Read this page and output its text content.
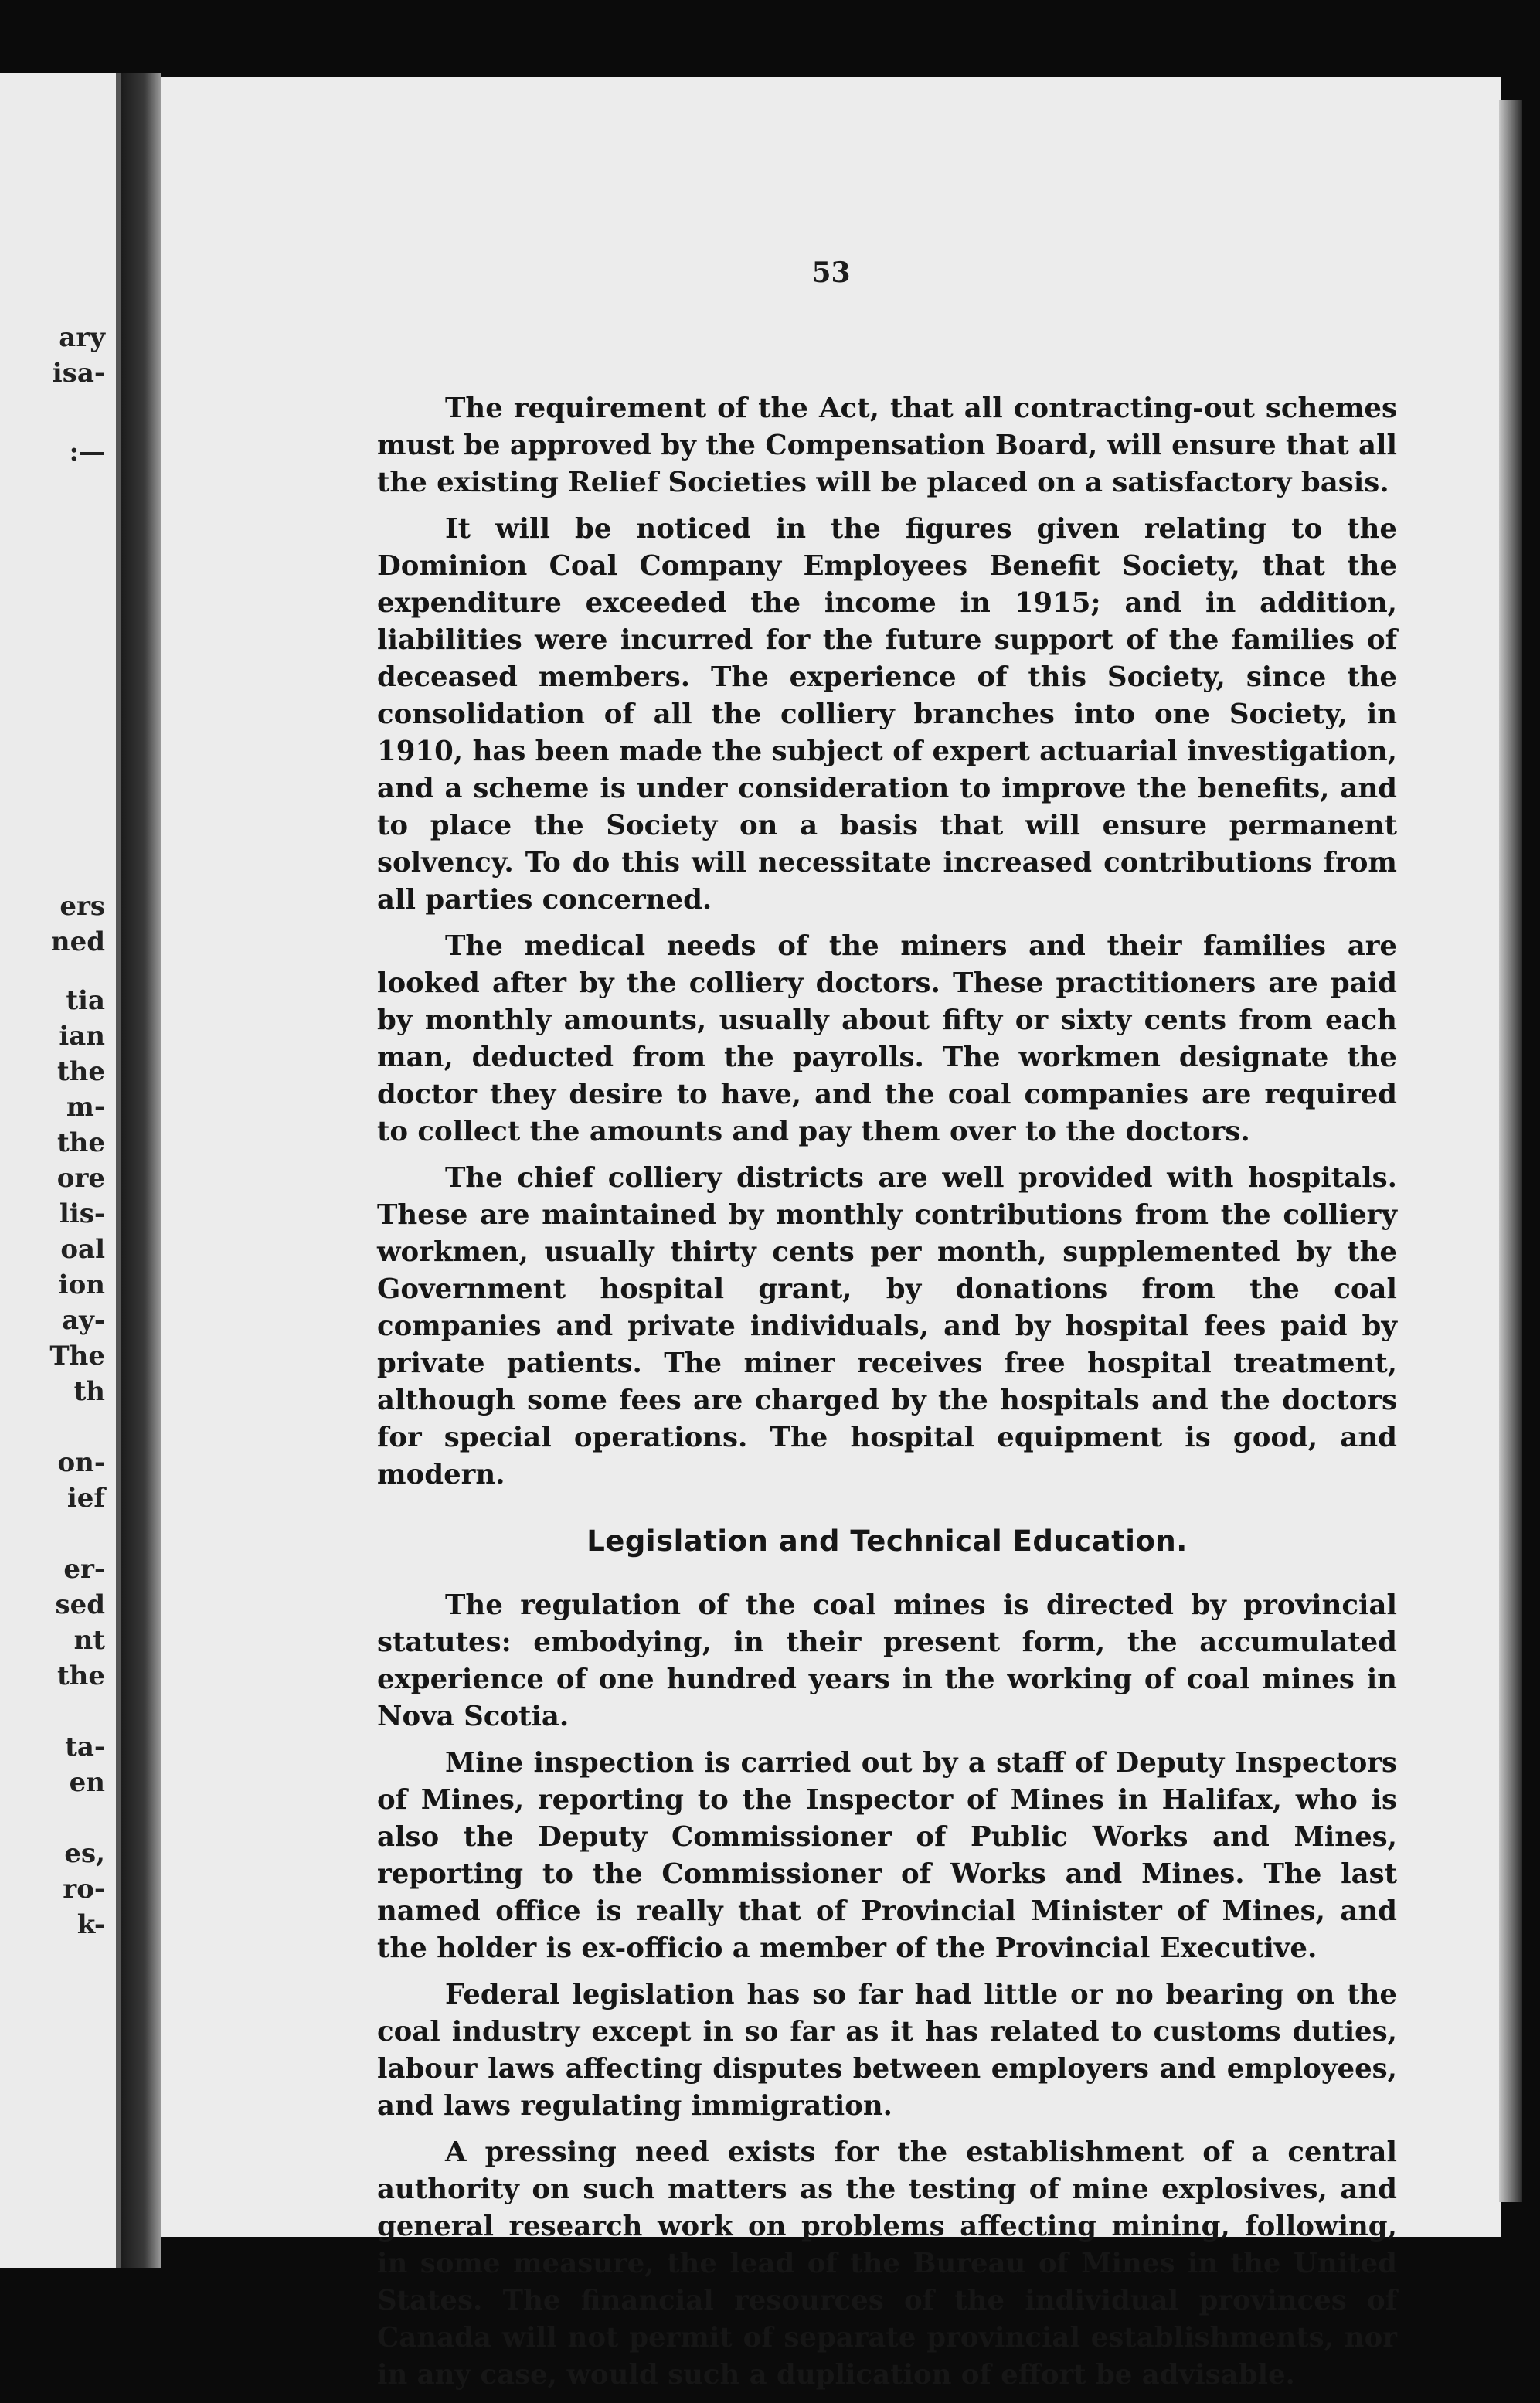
ary
isa-
:—
ers
ned
tia
ian
the
m-
the
ore
lis-
oal
ion
ay-
The
th
on-
ief
er-
sed
nt
the
ta-
en
es,
ro-
k-
53

The requirement of the Act, that all contracting-out schemes must be approved by the Compensation Board, will ensure that all the existing Relief Societies will be placed on a satisfactory basis.

It will be noticed in the figures given relating to the Dominion Coal Company Employees Benefit Society, that the expenditure exceeded the income in 1915; and in addition, liabilities were incurred for the future support of the families of deceased members. The experience of this Society, since the consolidation of all the colliery branches into one Society, in 1910, has been made the subject of expert actuarial investigation, and a scheme is under consideration to improve the benefits, and to place the Society on a basis that will ensure permanent solvency. To do this will necessitate increased contributions from all parties concerned.

The medical needs of the miners and their families are looked after by the colliery doctors. These practitioners are paid by monthly amounts, usually about fifty or sixty cents from each man, deducted from the payrolls. The workmen designate the doctor they desire to have, and the coal companies are required to collect the amounts and pay them over to the doctors.

The chief colliery districts are well provided with hospitals. These are maintained by monthly contributions from the colliery workmen, usually thirty cents per month, supplemented by the Government hospital grant, by donations from the coal companies and private individuals, and by hospital fees paid by private patients. The miner receives free hospital treatment, although some fees are charged by the hospitals and the doctors for special operations. The hospital equipment is good, and modern.

Legislation and Technical Education.

The regulation of the coal mines is directed by provincial statutes: embodying, in their present form, the accumulated experience of one hundred years in the working of coal mines in Nova Scotia.

Mine inspection is carried out by a staff of Deputy Inspectors of Mines, reporting to the Inspector of Mines in Halifax, who is also the Deputy Commissioner of Public Works and Mines, reporting to the Commissioner of Works and Mines. The last named office is really that of Provincial Minister of Mines, and the holder is ex-officio a member of the Provincial Executive.

Federal legislation has so far had little or no bearing on the coal industry except in so far as it has related to customs duties, labour laws affecting disputes between employers and employees, and laws regulating immigration.

A pressing need exists for the establishment of a central authority on such matters as the testing of mine explosives, and general research work on problems affecting mining, following, in some measure, the lead of the Bureau of Mines in the United States. The financial resources of the individual provinces of Canada will not permit of separate provincial establishments, nor in any case, would such a duplication of effort be advisable.
